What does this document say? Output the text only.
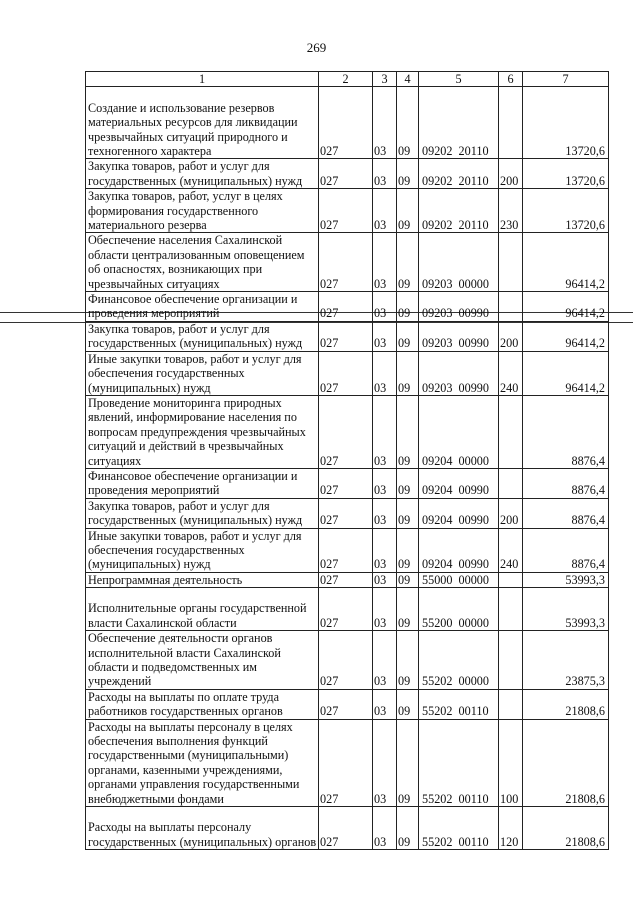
269
1	2	3	4	5	6	7
Создание и использование резервов материальных ресурсов для ликвидации чрезвычайных ситуаций природного и техногенного характера	027	03	09	09202 20110		13720,6
Закупка товаров, работ и услуг для государственных (муниципальных) нужд	027	03	09	09202 20110	200	13720,6
Закупка товаров, работ, услуг в целях формирования государственного материального резерва	027	03	09	09202 20110	230	13720,6
Обеспечение населения Сахалинской области централизованным оповещением об опасностях, возникающих при чрезвычайных ситуациях	027	03	09	09203 00000		96414,2
Финансовое обеспечение организации и проведения мероприятий	027	03	09	09203 00990		96414,2
Закупка товаров, работ и услуг для государственных (муниципальных) нужд	027	03	09	09203 00990	200	96414,2
Иные закупки товаров, работ и услуг для обеспечения государственных (муниципальных) нужд	027	03	09	09203 00990	240	96414,2
Проведение мониторинга природных явлений, информирование населения по вопросам предупреждения чрезвычайных ситуаций и действий в чрезвычайных ситуациях	027	03	09	09204 00000		8876,4
Финансовое обеспечение организации и проведения мероприятий	027	03	09	09204 00990		8876,4
Закупка товаров, работ и услуг для государственных (муниципальных) нужд	027	03	09	09204 00990	200	8876,4
Иные закупки товаров, работ и услуг для обеспечения государственных (муниципальных) нужд	027	03	09	09204 00990	240	8876,4
Непрограммная деятельность	027	03	09	55000 00000		53993,3
Исполнительные органы государственной власти Сахалинской области	027	03	09	55200 00000		53993,3
Обеспечение деятельности органов исполнительной власти Сахалинской области и подведомственных им учреждений	027	03	09	55202 00000		23875,3
Расходы на выплаты по оплате труда работников государственных органов	027	03	09	55202 00110		21808,6
Расходы на выплаты персоналу в целях обеспечения выполнения функций государственными (муниципальными) органами, казенными учреждениями, органами управления государственными внебюджетными фондами	027	03	09	55202 00110	100	21808,6
Расходы на выплаты персоналу государственных (муниципальных) органов	027	03	09	55202 00110	120	21808,6
